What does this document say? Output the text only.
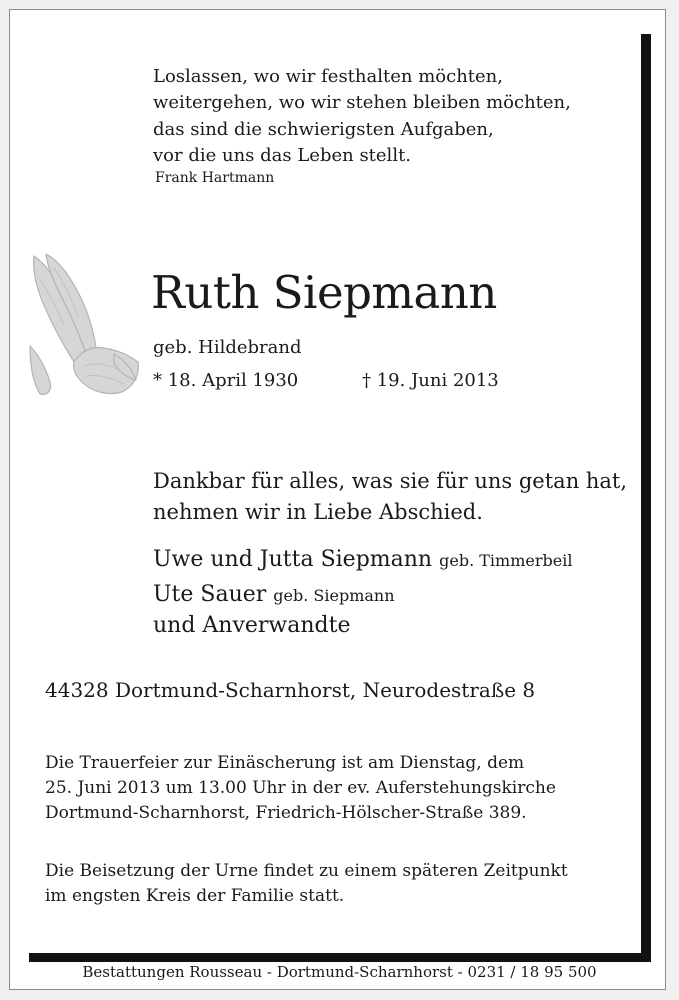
Loslassen, wo wir festhalten möchten,
weitergehen, wo wir stehen bleiben möchten,
das sind die schwierigsten Aufgaben,
vor die uns das Leben stellt.
Frank Hartmann
Ruth Siepmann
geb. Hildebrand
* 18. April 1930	† 19. Juni 2013
Dankbar für alles, was sie für uns getan hat,
nehmen wir in Liebe Abschied.
Uwe und Jutta Siepmann geb. Timmerbeil
Ute Sauer geb. Siepmann
und Anverwandte
44328 Dortmund-Scharnhorst, Neurodestraße 8
Die Trauerfeier zur Einäscherung ist am Dienstag, dem
25. Juni 2013 um 13.00 Uhr in der ev. Auferstehungskirche
Dortmund-Scharnhorst, Friedrich-Hölscher-Straße 389.
Die Beisetzung der Urne findet zu einem späteren Zeitpunkt
im engsten Kreis der Familie statt.
Bestattungen Rousseau - Dortmund-Scharnhorst - 0231 / 18 95 500
